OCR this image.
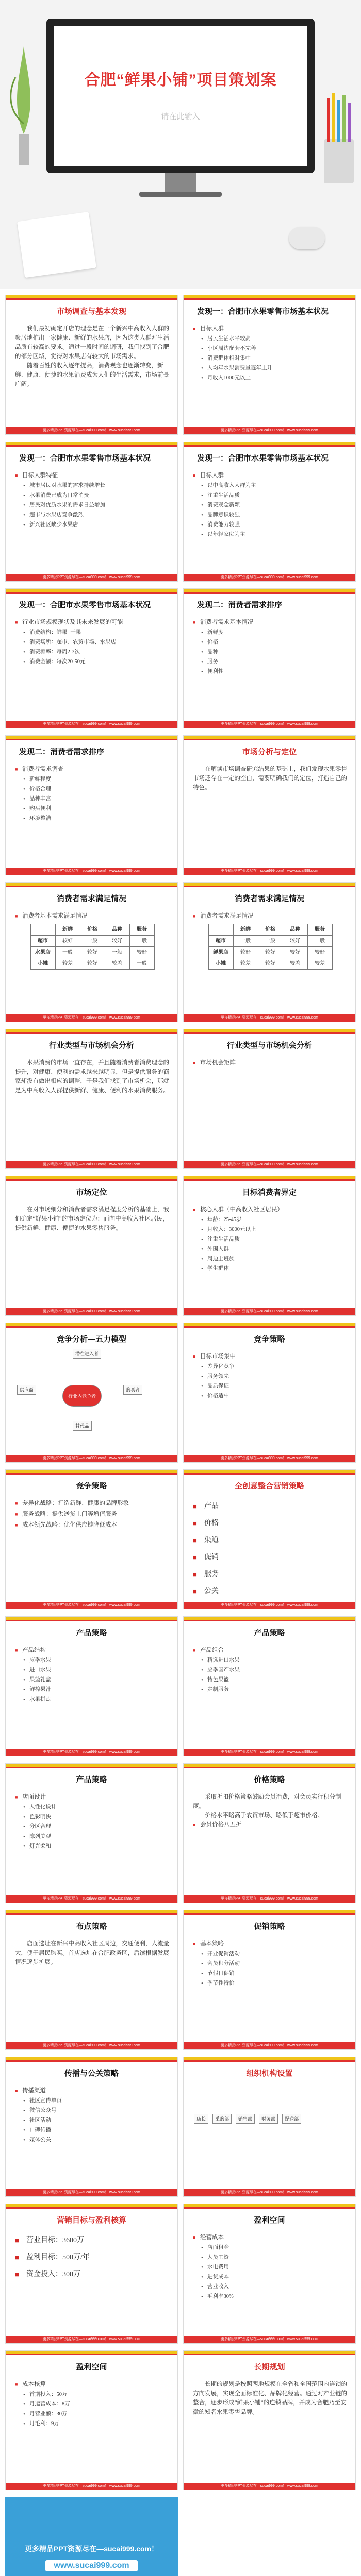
合肥“鲜果小铺”项目策划案
请在此输入
市场调查与基本发现

我们最初确定开店的理念是在一个新兴中高收入人群的聚居地推出一家健康、新鲜的水果店，因为这类人群对生活品质有较高的要求。通过一段时间的调研，我们找到了合肥的部分区域，觉得对水果店有较大的市场需求。

随着百姓的收入逐年提高，消费观念也逐渐转变，新鲜、健康、便捷的水果消费成为人们的生活需求，市场前景广阔。

更多精品PPT资源尽在—sucai999.com！ www.sucai999.com
发现一：合肥市水果零售市场基本状况
■ 目标人群
• 居民生活水平较高
• 小区周边配套不完善
• 消费群体相对集中
• 人均年水果消费量逐年上升
• 月收入1000元以上
更多精品PPT资源尽在—sucai999.com！ www.sucai999.com
发现一：合肥市水果零售市场基本状况
■ 目标人群特征
• 城市居民对水果的需求持续增长
• 水果消费已成为日常消费
• 居民对优质水果的需求日益增加
• 超市与水果店竞争激烈
• 新兴社区缺少水果店
更多精品PPT资源尽在—sucai999.com！ www.sucai999.com
发现一：合肥市水果零售市场基本状况
■ 目标人群
• 以中高收入人群为主
• 注重生活品质
• 消费观念新颖
• 品牌意识较强
• 消费能力较强
• 以年轻家庭为主
更多精品PPT资源尽在—sucai999.com！ www.sucai999.com
发现一：合肥市水果零售市场基本状况
■ 行业市场规模现状及其未来发展的可能
• 消费结构：鲜果+干果
• 消费场所：超市、农贸市场、水果店
• 消费频率：每周2-3次
• 消费金额：每次20-50元
更多精品PPT资源尽在—sucai999.com！ www.sucai999.com
发现二：消费者需求排序
■ 消费者需求基本情况
• 新鲜度
• 价格
• 品种
• 服务
• 便利性
更多精品PPT资源尽在—sucai999.com！ www.sucai999.com
发现二：消费者需求排序
■ 消费者需求调查
• 新鲜程度
• 价格合理
• 品种丰富
• 购买便利
• 环境整洁
更多精品PPT资源尽在—sucai999.com！ www.sucai999.com
市场分析与定位

在解读市场调查研究结果的基础上，我们发现水果零售市场还存在一定的空白，需要明确我们的定位，打造自己的特色。

更多精品PPT资源尽在—sucai999.com！ www.sucai999.com
消费者需求满足情况
■ 消费者基本需求满足情况
	新鲜	价格	品种	服务
超市	较好	一般	较好	一般
水果店	一般	较好	一般	较好
小摊	较差	较好	较差	一般
更多精品PPT资源尽在—sucai999.com！ www.sucai999.com
消费者需求满足情况
■ 消费者需求满足情况
	新鲜	价格	品种	服务
超市	一般	一般	较好	一般
鲜果店	较好	较好	较好	较好
小摊	较差	较好	较差	较差
更多精品PPT资源尽在—sucai999.com！ www.sucai999.com
行业类型与市场机会分析

水果消费的市场一直存在，并且随着消费者消费理念的提升，对健康、便利的需求越来越明显，但是提供服务的商家却没有做出相应的调整，于是我们找到了市场机会，那就是为中高收入人群提供新鲜、健康、便利的水果消费服务。

更多精品PPT资源尽在—sucai999.com！ www.sucai999.com
行业类型与市场机会分析
■ 市场机会矩阵
更多精品PPT资源尽在—sucai999.com！ www.sucai999.com
市场定位

在对市场细分和消费者需求满足程度分析的基础上，我们确定“鲜果小铺”的市场定位为：面向中高收入社区居民，提供新鲜、健康、便捷的水果零售服务。

更多精品PPT资源尽在—sucai999.com！ www.sucai999.com
目标消费者界定
■ 核心人群（中高收入社区居民）
• 年龄：25-45岁
• 月收入：3000元以上
• 注重生活品质
• 外围人群
• 周边上班族
• 学生群体
更多精品PPT资源尽在—sucai999.com！ www.sucai999.com
竞争分析—五力模型
潜在进入者
供应商
行业内竞争者
购买者
替代品
更多精品PPT资源尽在—sucai999.com！ www.sucai999.com
竞争策略
■ 目标市场集中
• 差异化竞争
• 服务领先
• 品质保证
• 价格适中
更多精品PPT资源尽在—sucai999.com！ www.sucai999.com
竞争策略
■ 差异化战略：打造新鲜、健康的品牌形象
■ 服务战略：提供送货上门等增值服务
■ 成本领先战略：优化供应链降低成本
更多精品PPT资源尽在—sucai999.com！ www.sucai999.com
全创意整合营销策略
■ 产品
■ 价格
■ 渠道
■ 促销
■ 服务
■ 公关
更多精品PPT资源尽在—sucai999.com！ www.sucai999.com
产品策略
■ 产品结构
• 应季水果
• 进口水果
• 果篮礼盒
• 鲜榨果汁
• 水果拼盘
更多精品PPT资源尽在—sucai999.com！ www.sucai999.com
产品策略
■ 产品组合
• 精选进口水果
• 应季国产水果
• 特色果篮
• 定制服务
更多精品PPT资源尽在—sucai999.com！ www.sucai999.com
产品策略
■ 店面设计
• 人性化设计
• 色彩明快
• 分区合理
• 陈列美观
• 灯光柔和
更多精品PPT资源尽在—sucai999.com！ www.sucai999.com
价格策略

采取折扣价格策略鼓励会员消费，对会员实行积分制度。

价格水平略高于农贸市场、略低于超市价格。

■ 会员价格八五折
更多精品PPT资源尽在—sucai999.com！ www.sucai999.com
布点策略

店面选址在新兴中高收入社区周边，交通便利，人流量大，便于居民购买。首店选址在合肥政务区，后续根据发展情况逐步扩展。

更多精品PPT资源尽在—sucai999.com！ www.sucai999.com
促销策略
■ 基本策略
• 开业促销活动
• 会员积分活动
• 节假日促销
• 季节性特价
更多精品PPT资源尽在—sucai999.com！ www.sucai999.com
传播与公关策略
■ 传播渠道
• 社区宣传单页
• 微信公众号
• 社区活动
• 口碑传播
• 媒体公关
更多精品PPT资源尽在—sucai999.com！ www.sucai999.com
组织机构设置
店长	采购部	销售部	财务部	配送部
更多精品PPT资源尽在—sucai999.com！ www.sucai999.com
营销目标与盈利核算
■ 营业目标：3600万
■ 盈利目标：500万/年
■ 资金投入：300万
更多精品PPT资源尽在—sucai999.com！ www.sucai999.com
盈利空间
■ 经营成本
• 店面租金
• 人员工资
• 水电费用
• 进货成本
• 营业收入
• 毛利率30%
更多精品PPT资源尽在—sucai999.com！ www.sucai999.com
盈利空间
■ 成本核算
• 首期投入：50万
• 月运营成本：8万
• 月营业额：30万
• 月毛利：9万
更多精品PPT资源尽在—sucai999.com！ www.sucai999.com
长期规划

长期的规划是按照两地规模在全省和全国范围内连锁的方向发展，实现全面标准化、品牌化经营。通过对产业链的整合，逐步形成“鲜果小铺”的连锁品牌，并成为合肥乃至安徽的知名水果零售品牌。

更多精品PPT资源尽在—sucai999.com！ www.sucai999.com
更多精品PPT资源尽在—sucai999.com！
www.sucai999.com
